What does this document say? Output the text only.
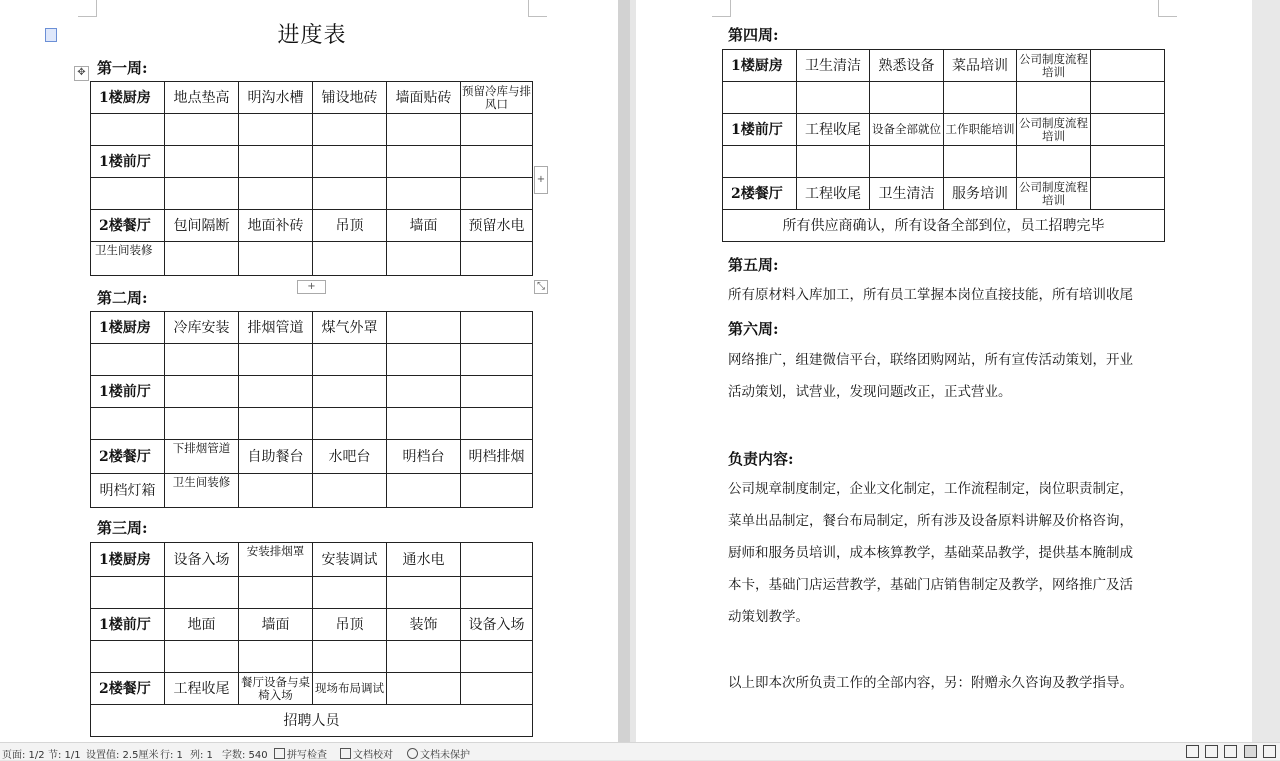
进度表
第一周:
✥
1楼厨房	地点垫高	明沟水槽	铺设地砖	墙面贴砖	预留冷库与排风口

1楼前厅					

2楼餐厅	包间隔断	地面补砖	吊顶	墙面	预留水电
卫生间装修					
+
+	⤡
第二周:
1楼厨房	冷库安装	排烟管道	煤气外罩		

1楼前厅					

2楼餐厅	下排烟管道	自助餐台	水吧台	明档台	明档排烟
明档灯箱	卫生间装修				
第三周:
1楼厨房	设备入场	安装排烟罩	安装调试	通水电	

1楼前厅	地面	墙面	吊顶	装饰	设备入场

2楼餐厅	工程收尾	餐厅设备与桌椅入场	现场布局调试		
招聘人员					
第四周:
1楼厨房	卫生清洁	熟悉设备	菜品培训	公司制度流程培训	

1楼前厅	工程收尾	设备全部就位	工作职能培训	公司制度流程培训	

2楼餐厅	工程收尾	卫生清洁	服务培训	公司制度流程培训	
所有供应商确认，所有设备全部到位，员工招聘完毕					
第五周:
所有原材料入库加工，所有员工掌握本岗位直接技能，所有培训收尾
第六周:
网络推广，组建微信平台，联络团购网站，所有宣传活动策划，开业
活动策划，试营业，发现问题改正，正式营业。
负责内容:
公司规章制度制定，企业文化制定，工作流程制定，岗位职责制定，
菜单出品制定，餐台布局制定，所有涉及设备原料讲解及价格咨询，
厨师和服务员培训，成本核算教学，基础菜品教学，提供基本腌制成
本卡，基础门店运营教学，基础门店销售制定及教学，网络推广及活
动策划教学。
以上即本次所负责工作的全部内容，另：附赠永久咨询及教学指导。
页面: 1/2 节: 1/1 设置值: 2.5厘米 行: 1 列: 1 字数: 540	拼写检查	文档校对	文档未保护
